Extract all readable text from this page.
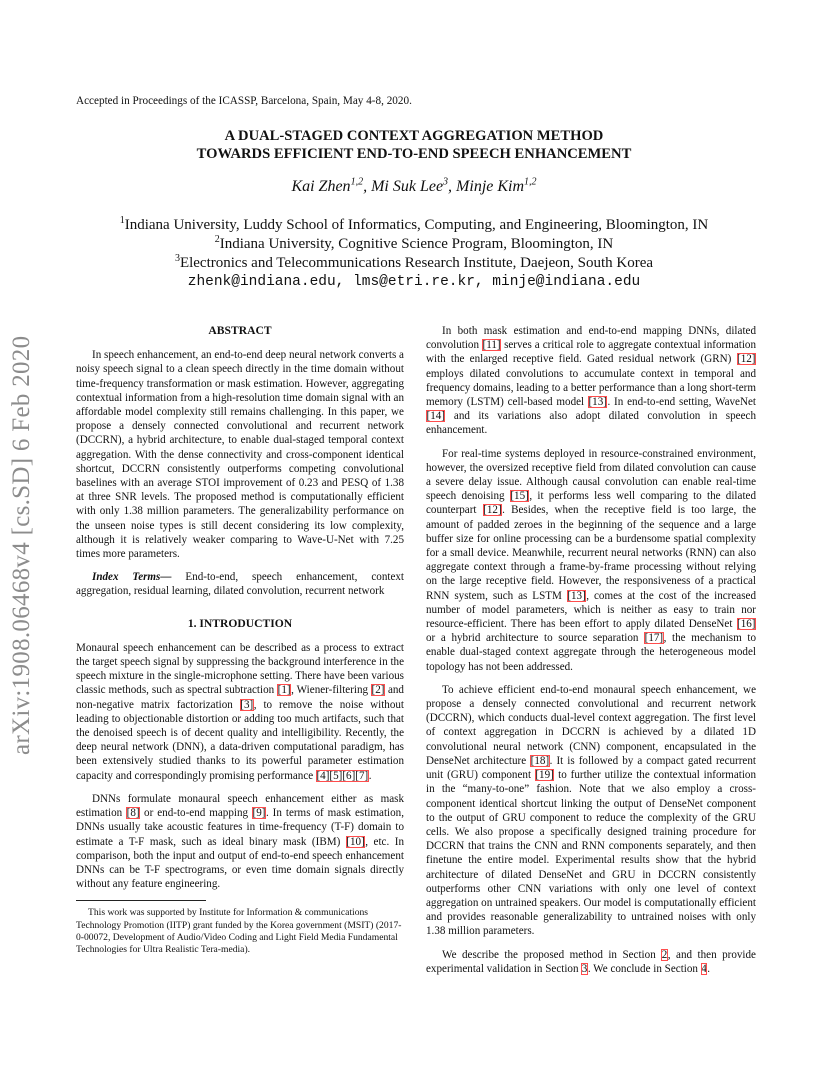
Accepted in Proceedings of the ICASSP, Barcelona, Spain, May 4-8, 2020.
A DUAL-STAGED CONTEXT AGGREGATION METHOD
TOWARDS EFFICIENT END-TO-END SPEECH ENHANCEMENT
Kai Zhen$^{1,2}$, Mi Suk Lee$^3$, Minje Kim$^{1,2}$
$^1$Indiana University, Luddy School of Informatics, Computing, and Engineering, Bloomington, IN
$^2$Indiana University, Cognitive Science Program, Bloomington, IN
$^3$Electronics and Telecommunications Research Institute, Daejeon, South Korea
zhenk@indiana.edu, lms@etri.re.kr, minje@indiana.edu
arXiv:1908.06468v4 [cs.SD] 6 Feb 2020
ABSTRACT

In speech enhancement, an end-to-end deep neural network converts a noisy speech signal to a clean speech directly in the time domain without time-frequency transformation or mask estimation. However, aggregating contextual information from a high-resolution time domain signal with an affordable model complexity still remains challenging. In this paper, we propose a densely connected convolutional and recurrent network (DCCRN), a hybrid architecture, to enable dual-staged temporal context aggregation. With the dense connectivity and cross-component identical shortcut, DCCRN consistently outperforms competing convolutional baselines with an average STOI improvement of 0.23 and PESQ of 1.38 at three SNR levels. The proposed method is computationally efficient with only 1.38 million parameters. The generalizability performance on the unseen noise types is still decent considering its low complexity, although it is relatively weaker comparing to Wave-U-Net with 7.25 times more parameters.

Index Terms— End-to-end, speech enhancement, context aggregation, residual learning, dilated convolution, recurrent network

1. INTRODUCTION

Monaural speech enhancement can be described as a process to extract the target speech signal by suppressing the background interference in the speech mixture in the single-microphone setting. There have been various classic methods, such as spectral subtraction [1], Wiener-filtering [2] and non-negative matrix factorization [3], to remove the noise without leading to objectionable distortion or adding too much artifacts, such that the denoised speech is of decent quality and intelligibility. Recently, the deep neural network (DNN), a data-driven computational paradigm, has been extensively studied thanks to its powerful parameter estimation capacity and correspondingly promising performance [4][5][6][7].

DNNs formulate monaural speech enhancement either as mask estimation [8] or end-to-end mapping [9]. In terms of mask estimation, DNNs usually take acoustic features in time-frequency (T-F) domain to estimate a T-F mask, such as ideal binary mask (IBM) [10], etc. In comparison, both the input and output of end-to-end speech enhancement DNNs can be T-F spectrograms, or even time domain signals directly without any feature engineering.

This work was supported by Institute for Information & communications Technology Promotion (IITP) grant funded by the Korea government (MSIT) (2017-0-00072, Development of Audio/Video Coding and Light Field Media Fundamental Technologies for Ultra Realistic Tera-media).

In both mask estimation and end-to-end mapping DNNs, dilated convolution [11] serves a critical role to aggregate contextual information with the enlarged receptive field. Gated residual network (GRN) [12] employs dilated convolutions to accumulate context in temporal and frequency domains, leading to a better performance than a long short-term memory (LSTM) cell-based model [13]. In end-to-end setting, WaveNet [14] and its variations also adopt dilated convolution in speech enhancement.

For real-time systems deployed in resource-constrained environment, however, the oversized receptive field from dilated convolution can cause a severe delay issue. Although causal convolution can enable real-time speech denoising [15], it performs less well comparing to the dilated counterpart [12]. Besides, when the receptive field is too large, the amount of padded zeroes in the beginning of the sequence and a large buffer size for online processing can be a burdensome spatial complexity for a small device. Meanwhile, recurrent neural networks (RNN) can also aggregate context through a frame-by-frame processing without relying on the large receptive field. However, the responsiveness of a practical RNN system, such as LSTM [13], comes at the cost of the increased number of model parameters, which is neither as easy to train nor resource-efficient. There has been effort to apply dilated DenseNet [16] or a hybrid architecture to source separation [17], the mechanism to enable dual-staged context aggregate through the heterogeneous model topology has not been addressed.

To achieve efficient end-to-end monaural speech enhancement, we propose a densely connected convolutional and recurrent network (DCCRN), which conducts dual-level context aggregation. The first level of context aggregation in DCCRN is achieved by a dilated 1D convolutional neural network (CNN) component, encapsulated in the DenseNet architecture [18]. It is followed by a compact gated recurrent unit (GRU) component [19] to further utilize the contextual information in the “many-to-one” fashion. Note that we also employ a cross-component identical shortcut linking the output of DenseNet component to the output of GRU component to reduce the complexity of the GRU cells. We also propose a specifically designed training procedure for DCCRN that trains the CNN and RNN components separately, and then finetune the entire model. Experimental results show that the hybrid architecture of dilated DenseNet and GRU in DCCRN consistently outperforms other CNN variations with only one level of context aggregation on untrained speakers. Our model is computationally efficient and provides reasonable generalizability to untrained noises with only 1.38 million parameters.

We describe the proposed method in Section 2, and then provide experimental validation in Section 3. We conclude in Section 4.
